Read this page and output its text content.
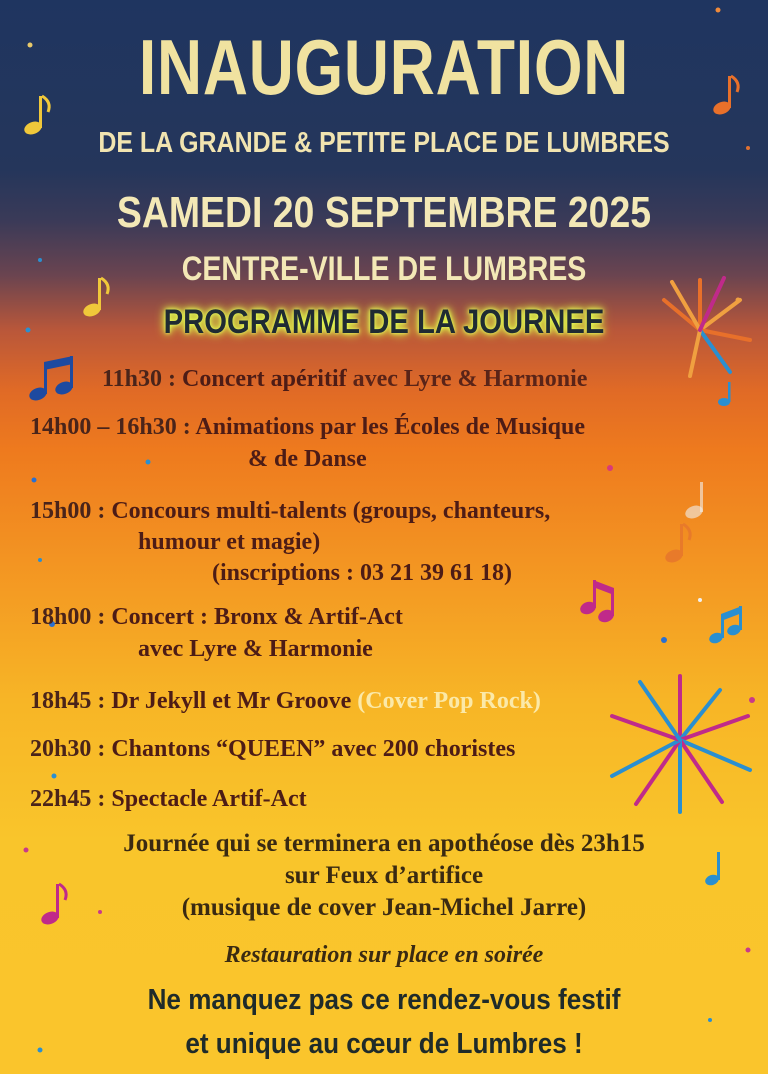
INAUGURATION
DE LA GRANDE & PETITE PLACE DE LUMBRES
SAMEDI 20 SEPTEMBRE 2025
CENTRE-VILLE DE LUMBRES
PROGRAMME DE LA JOURNEE
11h30 : Concert apéritif avec Lyre & Harmonie
14h00 – 16h30 : Animations par les Écoles de Musique
& de Danse
15h00 : Concours multi-talents (groups, chanteurs,
humour et magie)
(inscriptions : 03 21 39 61 18)
18h00 : Concert : Bronx & Artif-Act
avec Lyre & Harmonie
18h45 : Dr Jekyll et Mr Groove (Cover Pop Rock)
20h30 : Chantons “QUEEN” avec 200 choristes
22h45 : Spectacle Artif-Act
Journée qui se terminera en apothéose dès 23h15
sur Feux d’artifice
(musique de cover Jean-Michel Jarre)
Restauration sur place en soirée
Ne manquez pas ce rendez-vous festif
et unique au cœur de Lumbres !
